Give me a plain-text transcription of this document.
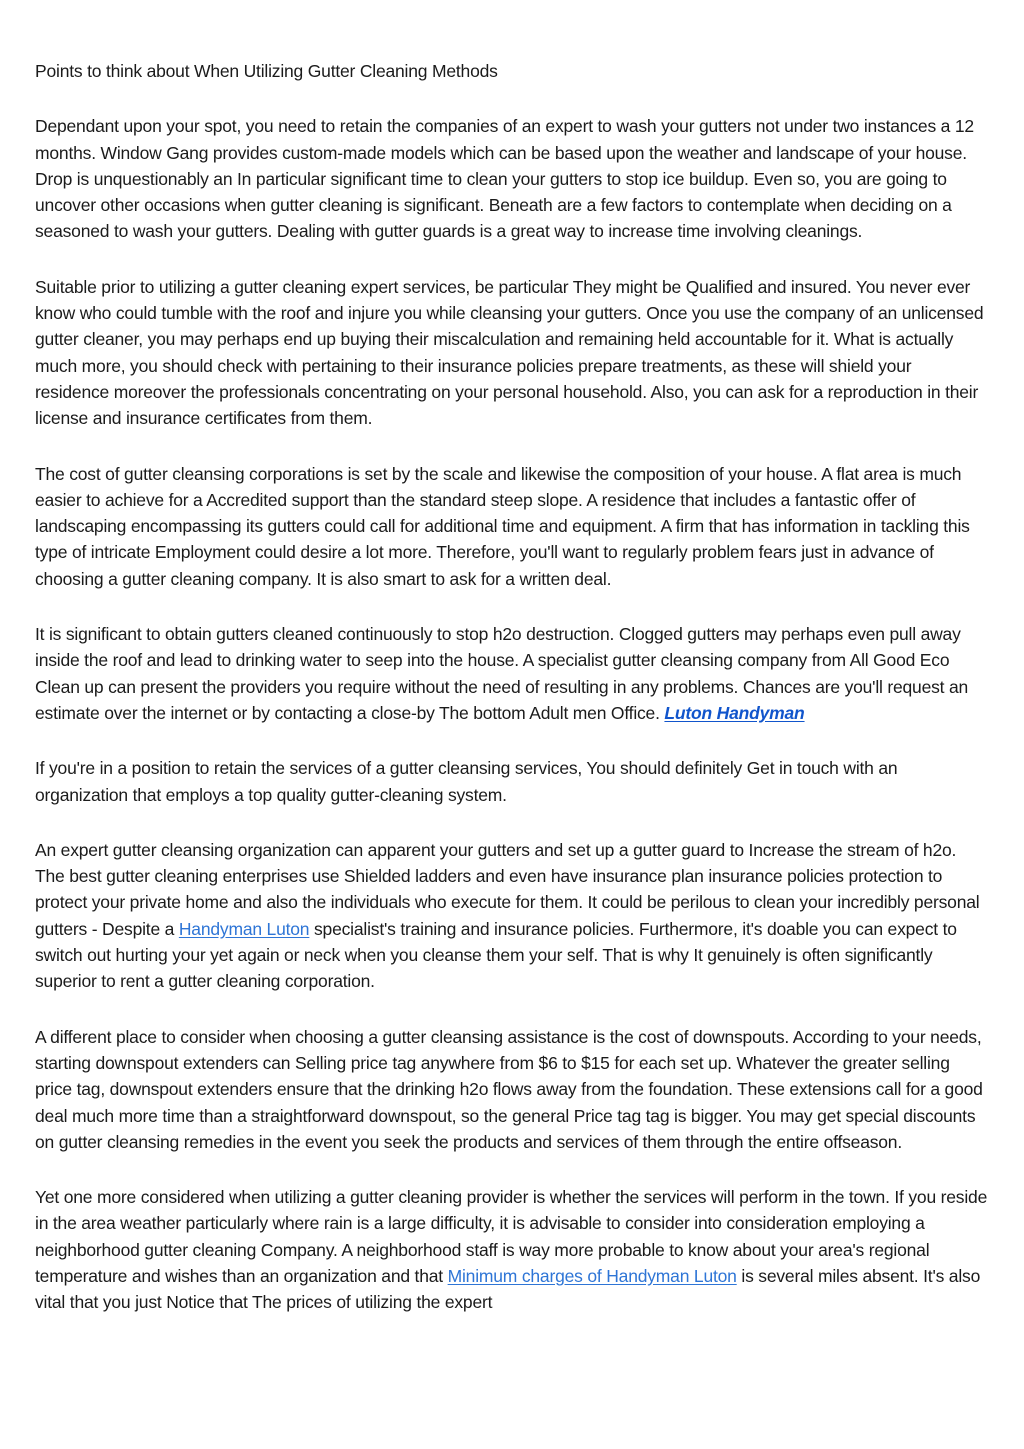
Points to think about When Utilizing Gutter Cleaning Methods

Dependant upon your spot, you need to retain the companies of an expert to wash your gutters not under two instances a 12 months. Window Gang provides custom-made models which can be based upon the weather and landscape of your house. Drop is unquestionably an In particular significant time to clean your gutters to stop ice buildup. Even so, you are going to uncover other occasions when gutter cleaning is significant. Beneath are a few factors to contemplate when deciding on a seasoned to wash your gutters. Dealing with gutter guards is a great way to increase time involving cleanings.

Suitable prior to utilizing a gutter cleaning expert services, be particular They might be Qualified and insured. You never ever know who could tumble with the roof and injure you while cleansing your gutters. Once you use the company of an unlicensed gutter cleaner, you may perhaps end up buying their miscalculation and remaining held accountable for it. What is actually much more, you should check with pertaining to their insurance policies prepare treatments, as these will shield your residence moreover the professionals concentrating on your personal household. Also, you can ask for a reproduction in their license and insurance certificates from them.

The cost of gutter cleansing corporations is set by the scale and likewise the composition of your house. A flat area is much easier to achieve for a Accredited support than the standard steep slope. A residence that includes a fantastic offer of landscaping encompassing its gutters could call for additional time and equipment. A firm that has information in tackling this type of intricate Employment could desire a lot more. Therefore, you'll want to regularly problem fears just in advance of choosing a gutter cleaning company. It is also smart to ask for a written deal.

It is significant to obtain gutters cleaned continuously to stop h2o destruction. Clogged gutters may perhaps even pull away inside the roof and lead to drinking water to seep into the house. A specialist gutter cleansing company from All Good Eco Clean up can present the providers you require without the need of resulting in any problems. Chances are you'll request an estimate over the internet or by contacting a close-by The bottom Adult men Office. Luton Handyman

If you're in a position to retain the services of a gutter cleansing services, You should definitely Get in touch with an organization that employs a top quality gutter-cleaning system.

An expert gutter cleansing organization can apparent your gutters and set up a gutter guard to Increase the stream of h2o. The best gutter cleaning enterprises use Shielded ladders and even have insurance plan insurance policies protection to protect your private home and also the individuals who execute for them. It could be perilous to clean your incredibly personal gutters - Despite a Handyman Luton specialist's training and insurance policies. Furthermore, it's doable you can expect to switch out hurting your yet again or neck when you cleanse them your self. That is why It genuinely is often significantly superior to rent a gutter cleaning corporation.

A different place to consider when choosing a gutter cleansing assistance is the cost of downspouts. According to your needs, starting downspout extenders can Selling price tag anywhere from $6 to $15 for each set up. Whatever the greater selling price tag, downspout extenders ensure that the drinking h2o flows away from the foundation. These extensions call for a good deal much more time than a straightforward downspout, so the general Price tag tag is bigger. You may get special discounts on gutter cleansing remedies in the event you seek the products and services of them through the entire offseason.

Yet one more considered when utilizing a gutter cleaning provider is whether the services will perform in the town. If you reside in the area weather particularly where rain is a large difficulty, it is advisable to consider into consideration employing a neighborhood gutter cleaning Company. A neighborhood staff is way more probable to know about your area's regional temperature and wishes than an organization and that Minimum charges of Handyman Luton is several miles absent. It's also vital that you just Notice that The prices of utilizing the expert
